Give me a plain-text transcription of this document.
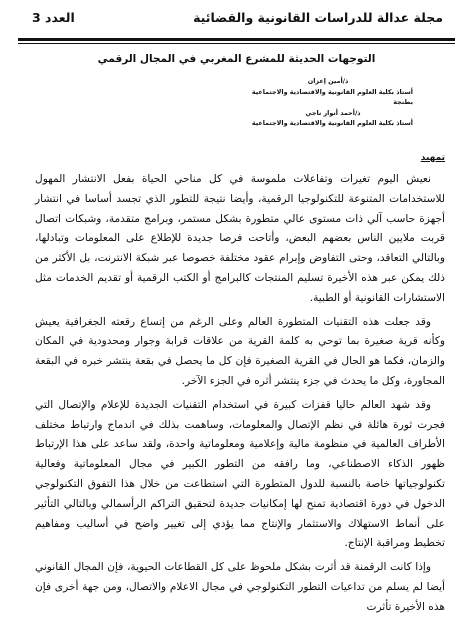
مجلة عدالة للدراسات القانونية والقضائية
العدد 3
التوجهات الحديثة للمشرع المغربي في المجال الرقمي
ذ/أمين إعزان
أستاذ بكلية العلوم القانونية والاقتصادية والاجتماعية
بطنجة
ذ/أحمد أنوار ناجي
أستاذ بكلية العلوم القانونية والاقتصادية والاجتماعية
تمهيد

نعيش اليوم تغيرات وتفاعلات ملموسة في كل مناحي الحياة بفعل الانتشار المهول للاستخدامات المتنوعة للتكنولوجيا الرقمية، وأيضا نتيجة للتطور الذي تجسد أساسا في انتشار أجهزة حاسب آلي ذات مستوى عالي متطورة بشكل مستمر، وبرامج متقدمة، وشبكات اتصال قربت ملايين الناس بعضهم البعض، وأتاحت فرصا جديدة للإطلاع على المعلومات وتبادلها، وبالتالي التعاقد، وحتى التفاوض وإبرام عقود مختلفة خصوصا عبر شبكة الانترنت، بل الأكثر من ذلك يمكن عبر هذه الأخيرة تسليم المنتجات كالبرامج أو الكتب الرقمية أو تقديم الخدمات مثل الاستشارات القانونية أو الطبية.

وقد جعلت هذه التقنيات المتطورة العالم وعلى الرغم من إتساع رقعته الجغرافية يعيش وكأنه قرية صغيرة بما توحي به كلمة القرية من علاقات قرابة وجوار ومحدودية في المكان والزمان، فكما هو الحال في القرية الصغيرة فإن كل ما يحصل في بقعة ينتشر خبره في البقعة المجاورة، وكل ما يحدث في جزء ينتشر أثره في الجزء الآخر.

وقد شهد العالم حاليا قفزات كبيرة في استخدام التقنيات الجديدة للإعلام والإتصال التي فجرت ثورة هائلة في نظم الإتصال والمعلومات، وساهمت بذلك في اندماج وارتباط مختلف الأطراف العالمية في منظومة مالية وإعلامية ومعلوماتية واحدة، ولقد ساعد على هذا الإرتباط ظهور الذكاء الاصطناعي، وما رافقه من التطور الكبير في مجال المعلوماتية وفعالية تكنولوجياتها خاصة بالنسبة للدول المتطورة التي استطاعت من خلال هذا التفوق التكنولوجي الدخول في دورة اقتصادية تمنح لها إمكانيات جديدة لتحقيق التراكم الرأسمالي وبالتالي التأثير على أنماط الاستهلاك والاستثمار والإنتاج مما يؤدي إلى تغيير واضح في أساليب ومفاهيم تخطيط ومراقبة الإنتاج.

وإذا كانت الرقمنة قد أثرت بشكل ملحوظ على كل القطاعات الحيوية، فإن المجال القانوني أيضا لم يسلم من تداعيات التطور التكنولوجي في مجال الاعلام والاتصال، ومن جهة أخرى فإن هذه الأخيرة تأثرت
